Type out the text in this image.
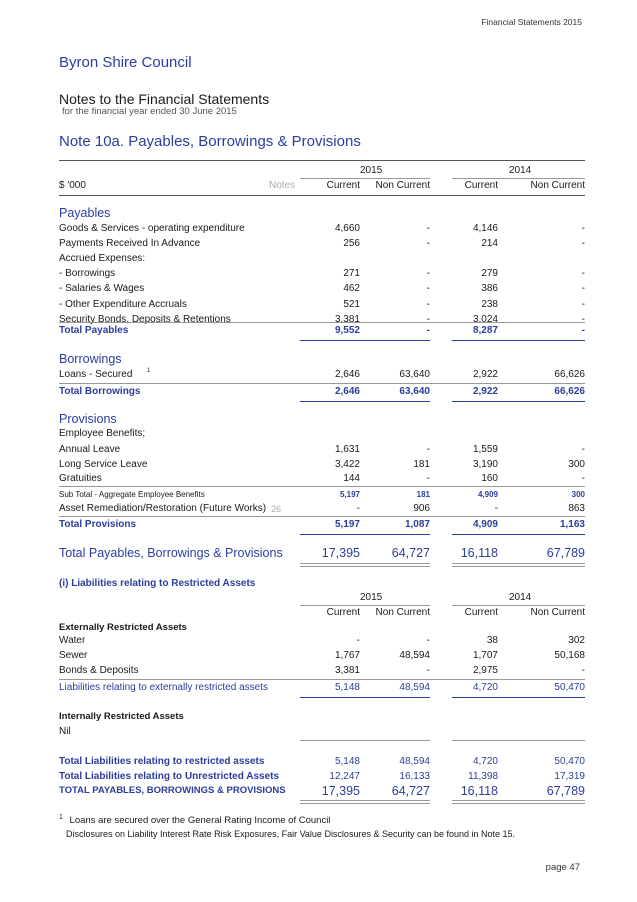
Financial Statements 2015
Byron Shire Council
Notes to the Financial Statements
for the financial year ended 30 June 2015
Note 10a. Payables, Borrowings & Provisions
2015	2014
$ '000	Notes	Current Non Current	Current	Non Current
Payables
Goods & Services - operating expenditure	4,660	-	4,146	-
Payments Received In Advance	256	-	214	-
Accrued Expenses:
- Borrowings	271	-	279	-
- Salaries & Wages	462	-	386	-
- Other Expenditure Accruals	521	-	238	-
Security Bonds, Deposits & Retentions	3,381	-	3,024	-
Total Payables	9,552	-	8,287	-
Borrowings
Loans - Secured 1	2,646	63,640	2,922	66,626
Total Borrowings	2,646	63,640	2,922	66,626
Provisions
Employee Benefits;
Annual Leave	1,631	-	1,559	-
Long Service Leave	3,422	181	3,190	300
Gratuities	144	-	160	-
Sub Total - Aggregate Employee Benefits	5,197	181	4,909	300
Asset Remediation/Restoration (Future Works) 26	-	906	-	863
Total Provisions	5,197	1,087	4,909	1,163
Total Payables, Borrowings & Provisions	17,395	64,727 16,118	67,789
(i) Liabilities relating to Restricted Assets
2015	2014
Current Non Current	Current	Non Current
Externally Restricted Assets
Water	-	-	38	302
Sewer	1,767	48,594	1,707	50,168
Bonds & Deposits	3,381	-	2,975	-
Liabilities relating to externally restricted assets	5,148	48,594	4,720	50,470
Internally Restricted Assets
Nil
Total Liabilities relating to restricted assets	5,148	48,594	4,720	50,470
Total Liabilities relating to Unrestricted Assets	12,247	16,133	11,398	17,319
TOTAL PAYABLES, BORROWINGS & PROVISIONS	17,395	64,727 16,118	67,789
$^1$ Loans are secured over the General Rating Income of Council
Disclosures on Liability Interest Rate Risk Exposures, Fair Value Disclosures & Security can be found in Note 15.
page 47
